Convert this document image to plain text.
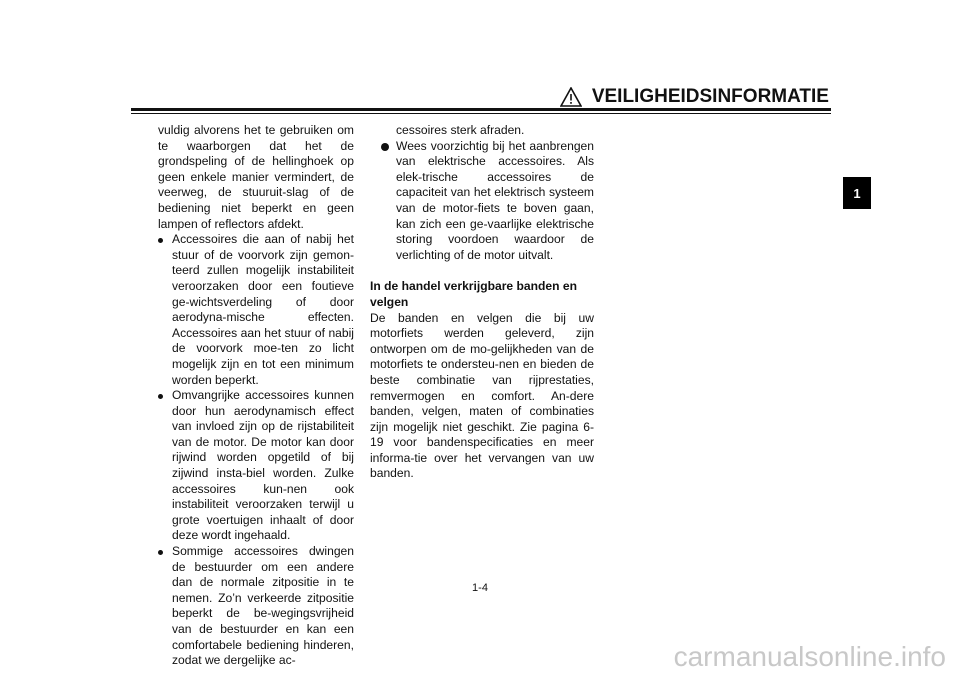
VEILIGHEIDSINFORMATIE
1
vuldig alvorens het te gebruiken om te waarborgen dat het de grondspeling of de hellinghoek op geen enkele manier vermindert, de veerweg, de stuuruit-slag of de bediening niet beperkt en geen lampen of reflectors afdekt.
Accessoires die aan of nabij het stuur of de voorvork zijn gemon-teerd zullen mogelijk instabiliteit veroorzaken door een foutieve ge-wichtsverdeling of door aerodyna-mische effecten. Accessoires aan het stuur of nabij de voorvork moe-ten zo licht mogelijk zijn en tot een minimum worden beperkt.
Omvangrijke accessoires kunnen door hun aerodynamisch effect van invloed zijn op de rijstabiliteit van de motor. De motor kan door rijwind worden opgetild of bij zijwind insta-biel worden. Zulke accessoires kun-nen ook instabiliteit veroorzaken terwijl u grote voertuigen inhaalt of door deze wordt ingehaald.
Sommige accessoires dwingen de bestuurder om een andere dan de normale zitpositie in te nemen. Zo’n verkeerde zitpositie beperkt de be-wegingsvrijheid van de bestuurder en kan een comfortabele bediening hinderen, zodat we dergelijke ac-
cessoires sterk afraden.
Wees voorzichtig bij het aanbrengen van elektrische accessoires. Als elek-trische accessoires de capaciteit van het elektrisch systeem van de motor-fiets te boven gaan, kan zich een ge-vaarlijke elektrische storing voordoen waardoor de verlichting of de motor uitvalt.
In de handel verkrijgbare banden en velgen
De banden en velgen die bij uw motorfiets werden geleverd, zijn ontworpen om de mo-gelijkheden van de motorfiets te ondersteu-nen en bieden de beste combinatie van rijprestaties, remvermogen en comfort. An-dere banden, velgen, maten of combinaties zijn mogelijk niet geschikt. Zie pagina 6-19 voor bandenspecificaties en meer informa-tie over het vervangen van uw banden.
1-4
carmanualsonline.info
